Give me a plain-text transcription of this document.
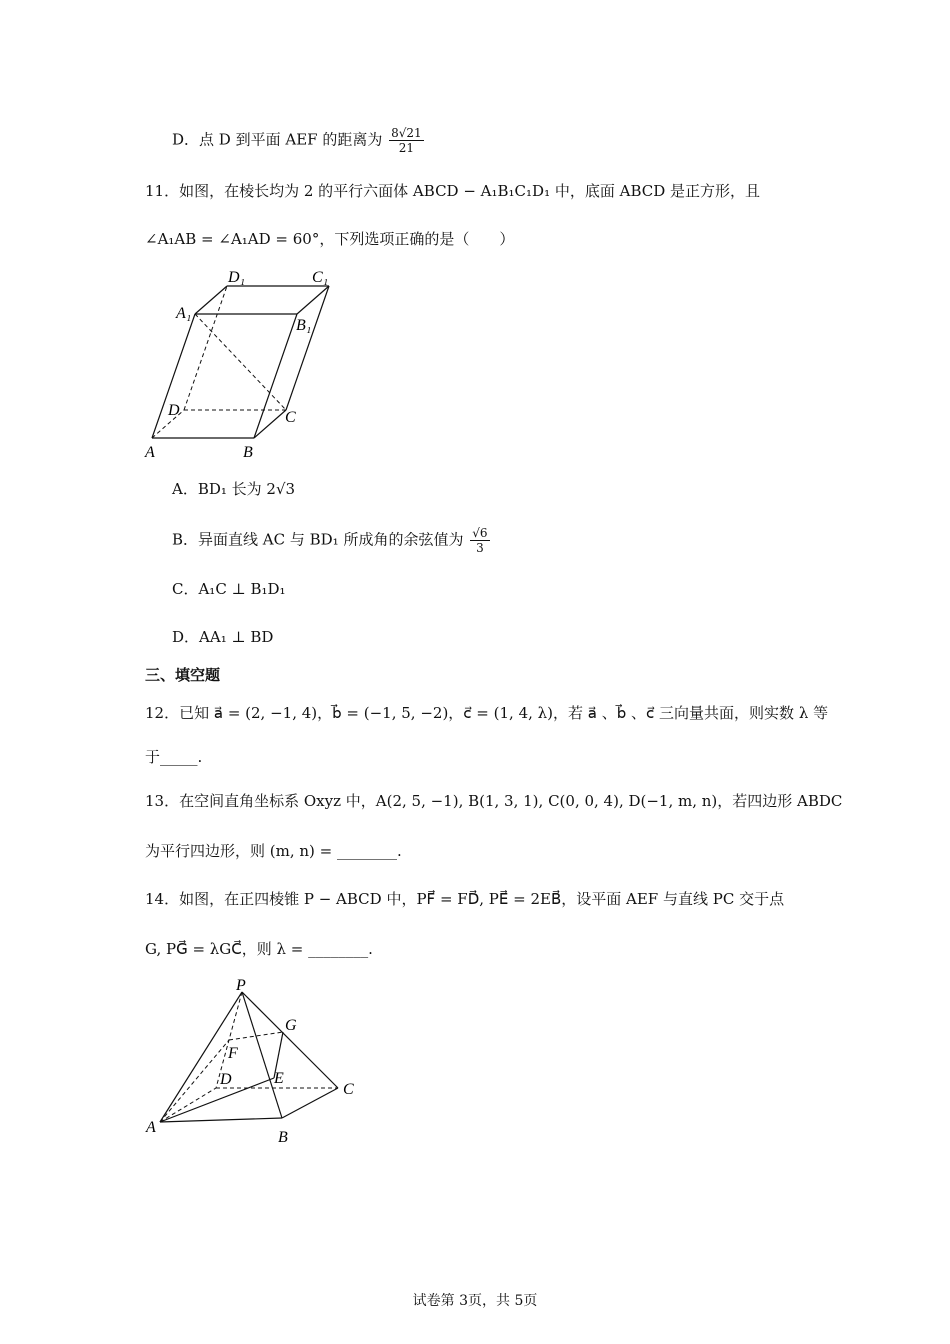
D．点 D 到平面 AEF 的距离为 $\frac{8√21}{21}$
11．如图，在棱长均为 2 的平行六面体 ABCD − A₁B₁C₁D₁ 中，底面 ABCD 是正方形，且
∠A₁AB = ∠A₁AD = 60°，下列选项正确的是（　　）
D₁	C₁
A₁
B₁
D	C
A	B
A．BD₁ 长为 2√3
B．异面直线 AC 与 BD₁ 所成角的余弦值为 $\frac{√6}{3}$
C．A₁C ⊥ B₁D₁
D．AA₁ ⊥ BD
三、填空题
12．已知 a⃗ = (2, −1, 4)，b⃗ = (−1, 5, −2)，c⃗ = (1, 4, λ)，若 a⃗ 、b⃗ 、c⃗ 三向量共面，则实数 λ 等
于_____.
13．在空间直角坐标系 Oxyz 中，A(2, 5, −1), B(1, 3, 1), C(0, 0, 4), D(−1, m, n)，若四边形 ABDC
为平行四边形，则 (m, n) = ________.
14．如图，在正四棱锥 P − ABCD 中，PF⃗ = FD⃗, PE⃗ = 2EB⃗，设平面 AEF 与直线 PC 交于点
G, PG⃗ = λGC⃗，则 λ = ________.
P
G
F
D	E
C
A
B
试卷第 3页，共 5页
